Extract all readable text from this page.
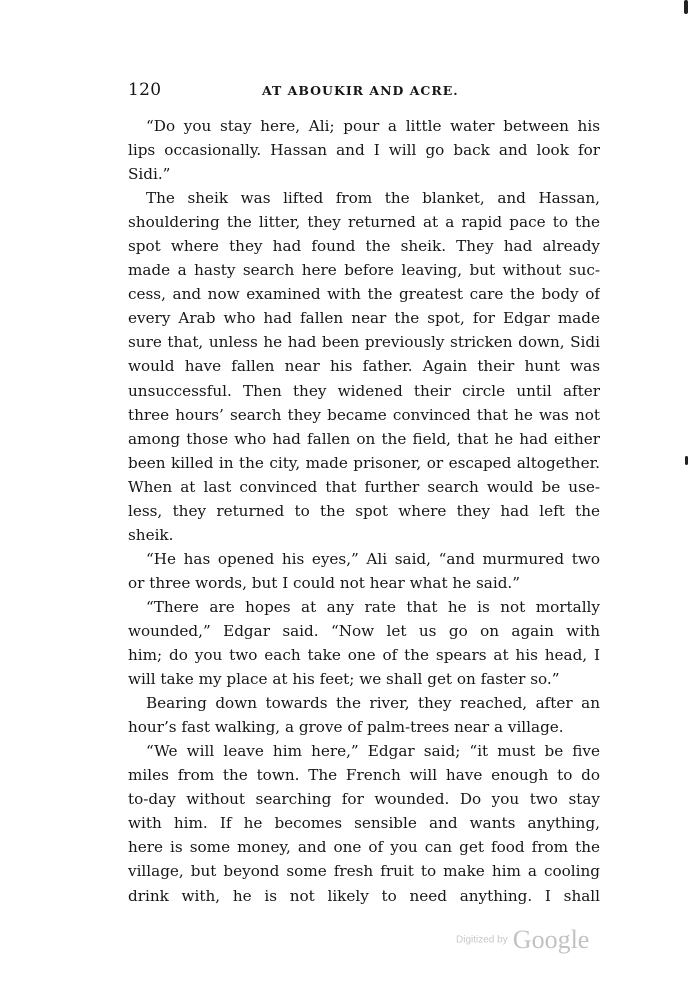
120	AT ABOUKIR AND ACRE.
“Do you stay here, Ali; pour a little water between his
lips occasionally. Hassan and I will go back and look for
Sidi.”
The sheik was lifted from the blanket, and Hassan,
shouldering the litter, they returned at a rapid pace to the
spot where they had found the sheik. They had already
made a hasty search here before leaving, but without suc-
cess, and now examined with the greatest care the body of
every Arab who had fallen near the spot, for Edgar made
sure that, unless he had been previously stricken down, Sidi
would have fallen near his father. Again their hunt was
unsuccessful. Then they widened their circle until after
three hours’ search they became convinced that he was not
among those who had fallen on the field, that he had either
been killed in the city, made prisoner, or escaped altogether.
When at last convinced that further search would be use-
less, they returned to the spot where they had left the
sheik.
“He has opened his eyes,” Ali said, “and murmured two
or three words, but I could not hear what he said.”
“There are hopes at any rate that he is not mortally
wounded,” Edgar said. “Now let us go on again with
him; do you two each take one of the spears at his head, I
will take my place at his feet; we shall get on faster so.”
Bearing down towards the river, they reached, after an
hour’s fast walking, a grove of palm-trees near a village.
“We will leave him here,” Edgar said; “it must be five
miles from the town. The French will have enough to do
to-day without searching for wounded. Do you two stay
with him. If he becomes sensible and wants anything,
here is some money, and one of you can get food from the
village, but beyond some fresh fruit to make him a cooling
drink with, he is not likely to need anything. I shall
Digitized by Google
